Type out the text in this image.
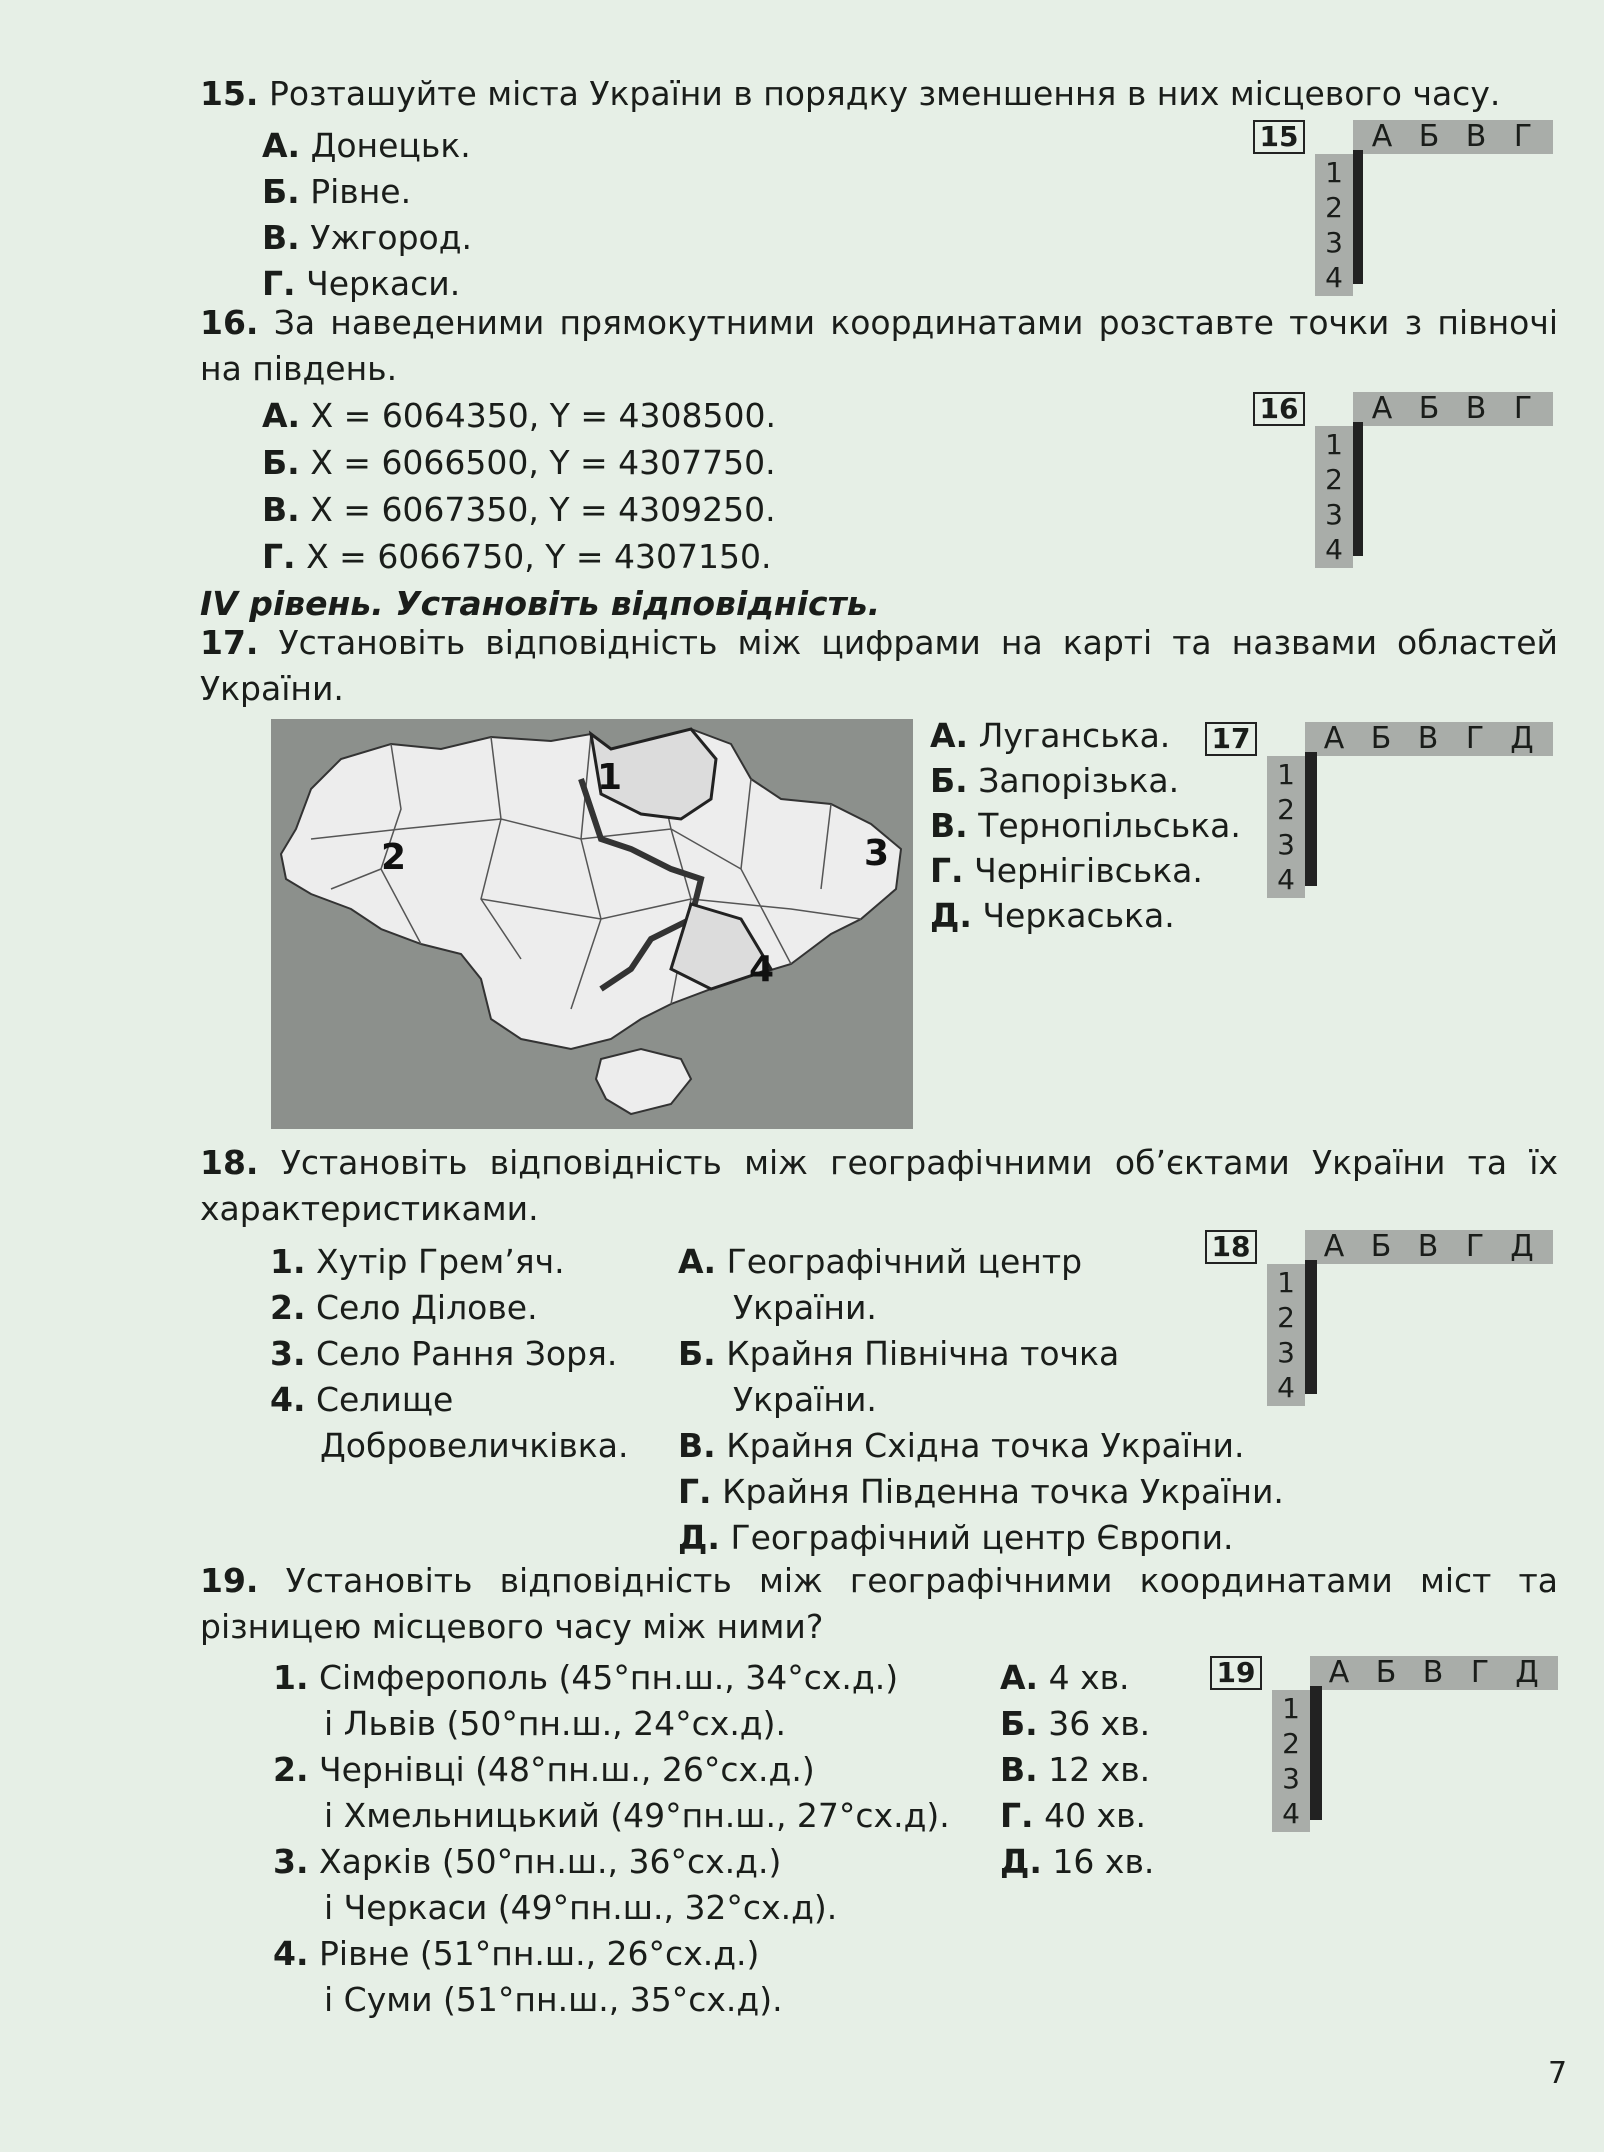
15. Розташуйте міста України в порядку зменшення в них місцевого часу.
А. Донецьк.
Б. Рівне.
В. Ужгород.
Г. Черкаси.
15	А Б В Г
1
2
3
4

16. За наведеними прямокутними координатами розставте точки з півночі на південь.
А. X = 6064350, Y = 4308500.
Б. X = 6066500, Y = 4307750.
В. X = 6067350, Y = 4309250.
Г. X = 6066750, Y = 4307150.
16	А Б В Г
1
2
3
4

IV рівень. Установіть відповідність.
17. Установіть відповідність між цифрами на карті та назвами областей України.
1
2	3
4
А. Луганська.
Б. Запорізька.
В. Тернопільська.
Г. Чернігівська.
Д. Черкаська.
17	А Б В Г Д
1
2
3
4

18. Установіть відповідність між географічними об’єктами України та їх характеристиками.
1. Хутір Грем’яч.
2. Село Ділове.
3. Село Рання Зоря.
4. Селище
Добровеличківка.
А. Географічний центр
України.
Б. Крайня Північна точка
України.
В. Крайня Східна точка України.
Г. Крайня Південна точка України.
Д. Географічний центр Європи.
18	А Б В Г Д
1
2
3
4

19. Установіть відповідність між географічними координатами міст та різницею місцевого часу між ними?
1. Сімферополь (45°пн.ш., 34°сх.д.)
і Львів (50°пн.ш., 24°сх.д).
2. Чернівці (48°пн.ш., 26°сх.д.)
і Хмельницький (49°пн.ш., 27°сх.д).
3. Харків (50°пн.ш., 36°сх.д.)
і Черкаси (49°пн.ш., 32°сх.д).
4. Рівне (51°пн.ш., 26°сх.д.)
і Суми (51°пн.ш., 35°сх.д).
А. 4 хв.
Б. 36 хв.
В. 12 хв.
Г. 40 хв.
Д. 16 хв.
19	А Б В Г Д
1
2
3
4

7
